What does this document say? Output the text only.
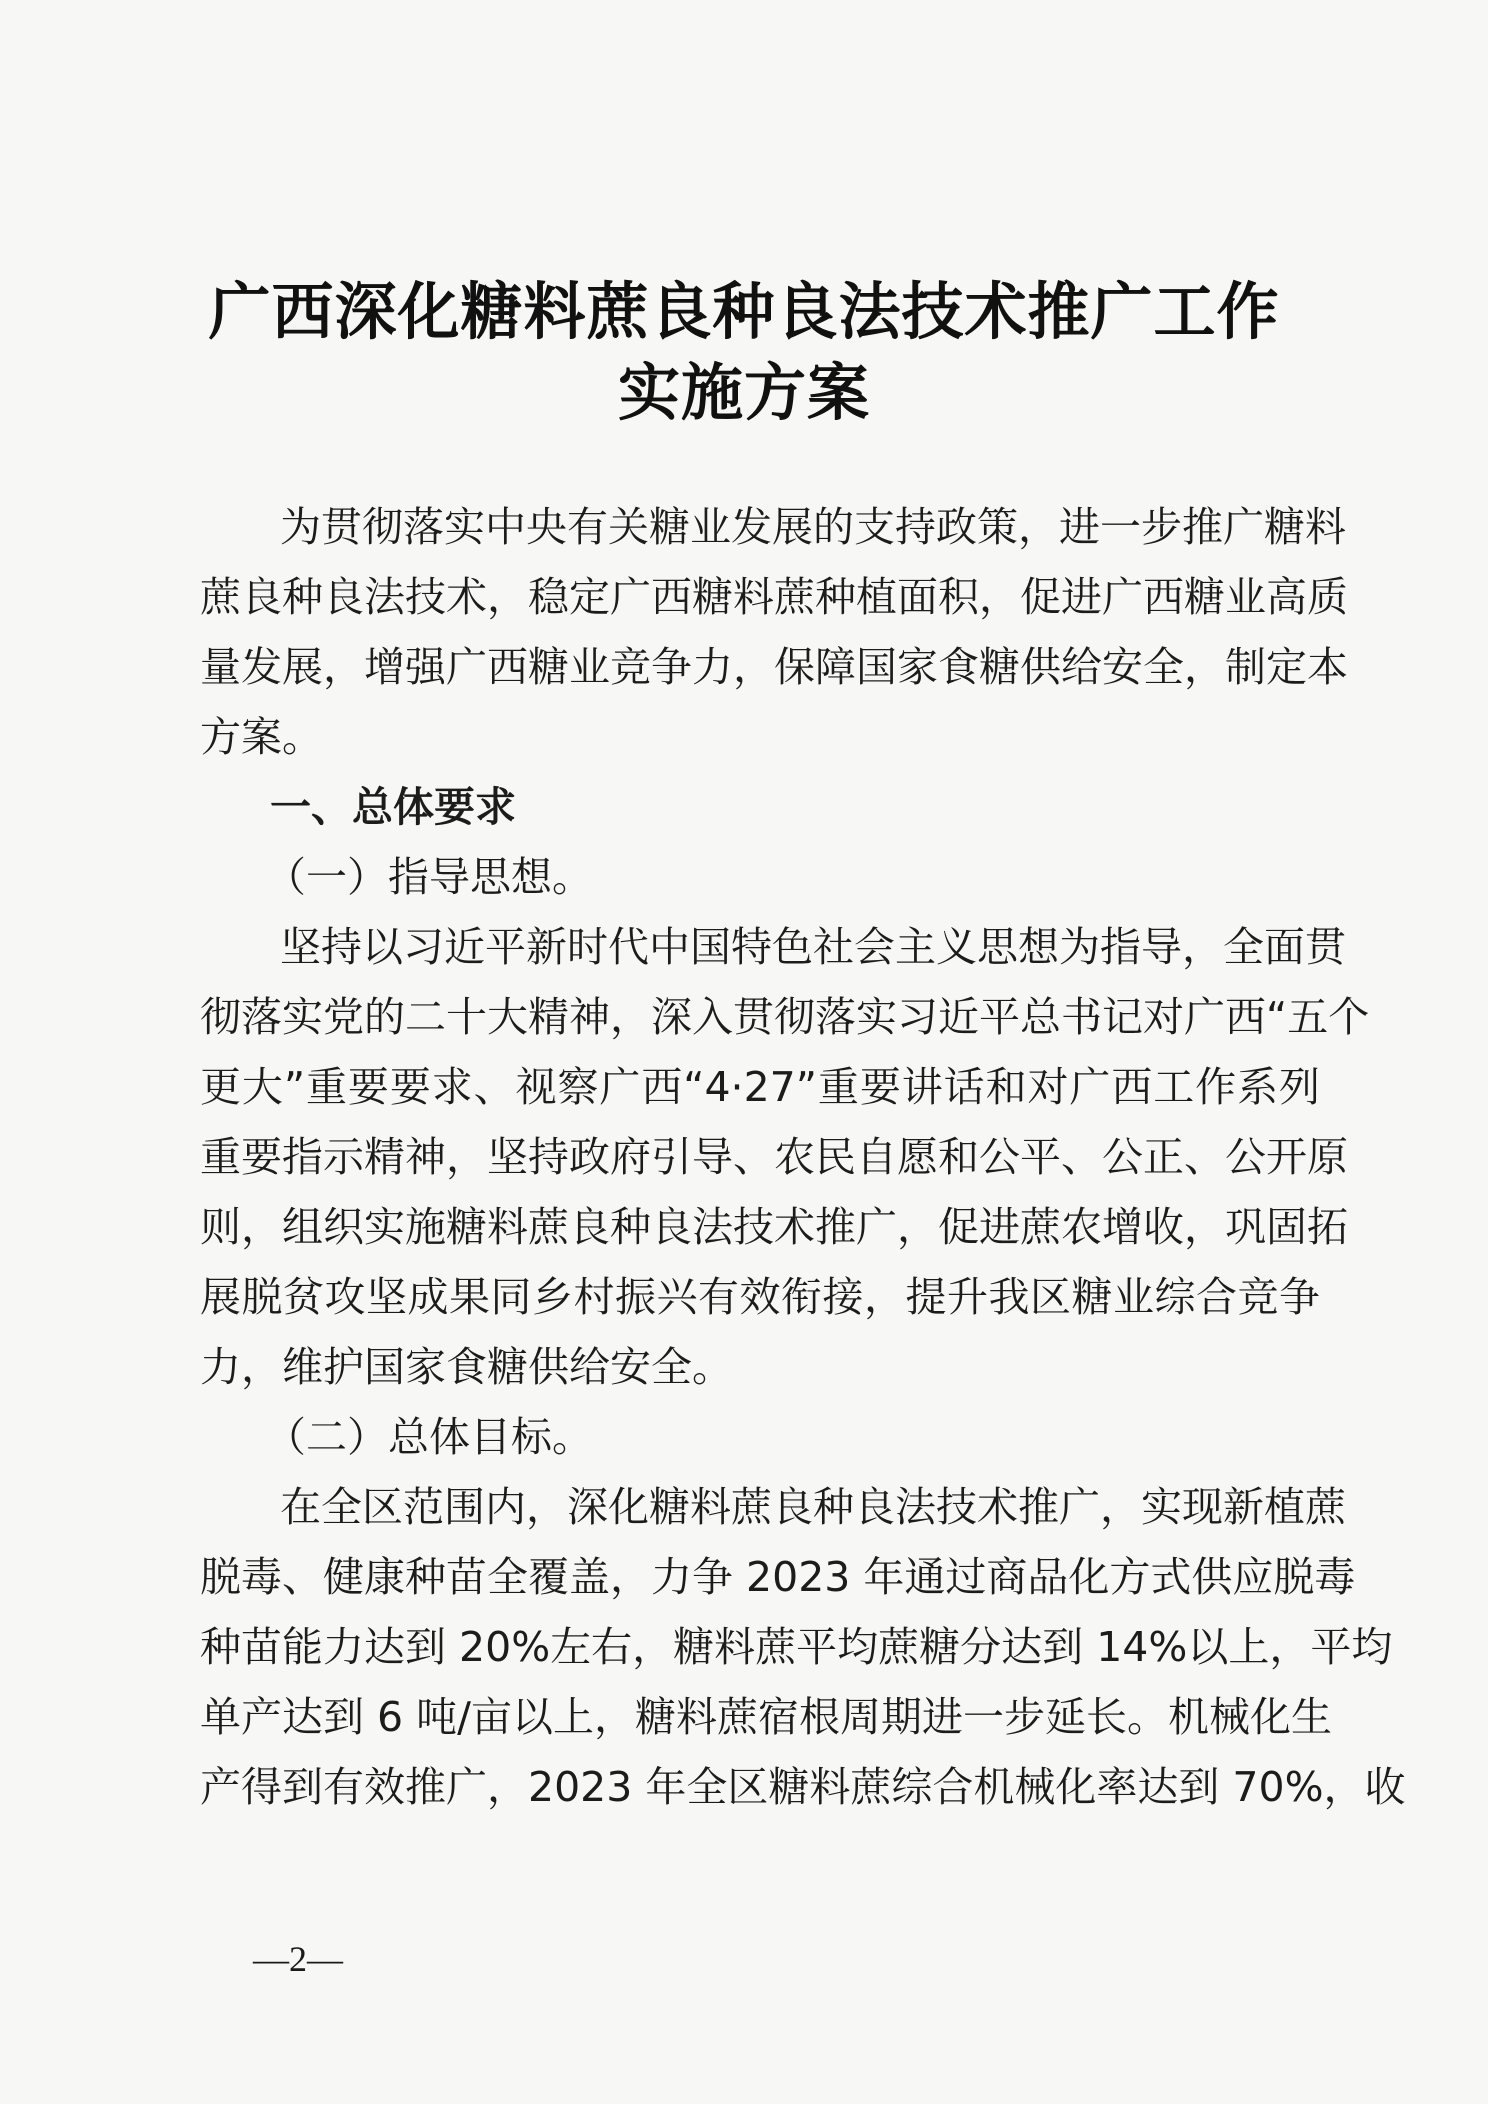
广西深化糖料蔗良种良法技术推广工作
实施方案
为贯彻落实中央有关糖业发展的支持政策，进一步推广糖料
蔗良种良法技术，稳定广西糖料蔗种植面积，促进广西糖业高质
量发展，增强广西糖业竞争力，保障国家食糖供给安全，制定本
方案。
一、总体要求
（一）指导思想。
坚持以习近平新时代中国特色社会主义思想为指导，全面贯
彻落实党的二十大精神，深入贯彻落实习近平总书记对广西“五个
更大”重要要求、视察广西“4·27”重要讲话和对广西工作系列
重要指示精神，坚持政府引导、农民自愿和公平、公正、公开原
则，组织实施糖料蔗良种良法技术推广，促进蔗农增收，巩固拓
展脱贫攻坚成果同乡村振兴有效衔接，提升我区糖业综合竞争
力，维护国家食糖供给安全。
（二）总体目标。
在全区范围内，深化糖料蔗良种良法技术推广，实现新植蔗
脱毒、健康种苗全覆盖，力争 2023 年通过商品化方式供应脱毒
种苗能力达到 20%左右，糖料蔗平均蔗糖分达到 14%以上，平均
单产达到 6 吨/亩以上，糖料蔗宿根周期进一步延长。机械化生
产得到有效推广，2023 年全区糖料蔗综合机械化率达到 70%，收
—2—
